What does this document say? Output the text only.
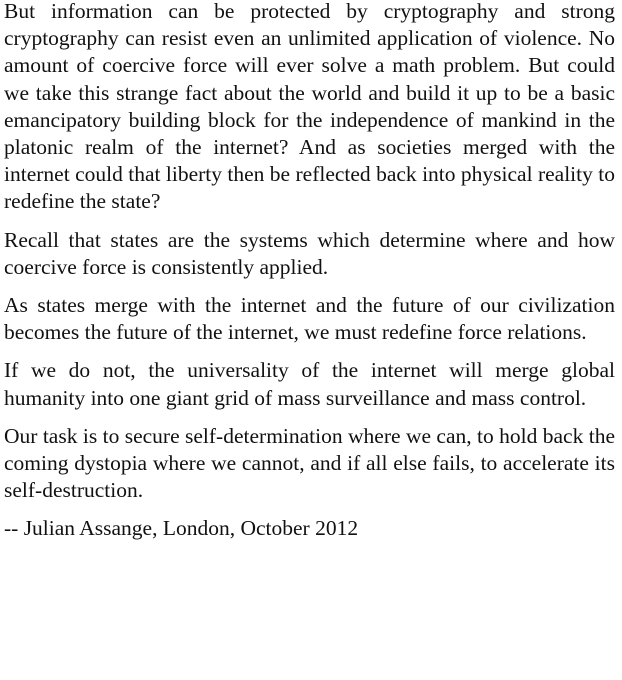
But information can be protected by cryptography and strong cryptography can resist even an unlimited application of violence. No amount of coercive force will ever solve a math problem. But could we take this strange fact about the world and build it up to be a basic emancipatory building block for the independence of mankind in the platonic realm of the internet? And as societies merged with the internet could that liberty then be reflected back into physical reality to redefine the state?

Recall that states are the systems which determine where and how coercive force is consistently applied.

As states merge with the internet and the future of our civilization becomes the future of the internet, we must redefine force relations.

If we do not, the universality of the internet will merge global humanity into one giant grid of mass surveillance and mass control.

Our task is to secure self-determination where we can, to hold back the coming dystopia where we cannot, and if all else fails, to accelerate its self-destruction.

-- Julian Assange, London, October 2012
